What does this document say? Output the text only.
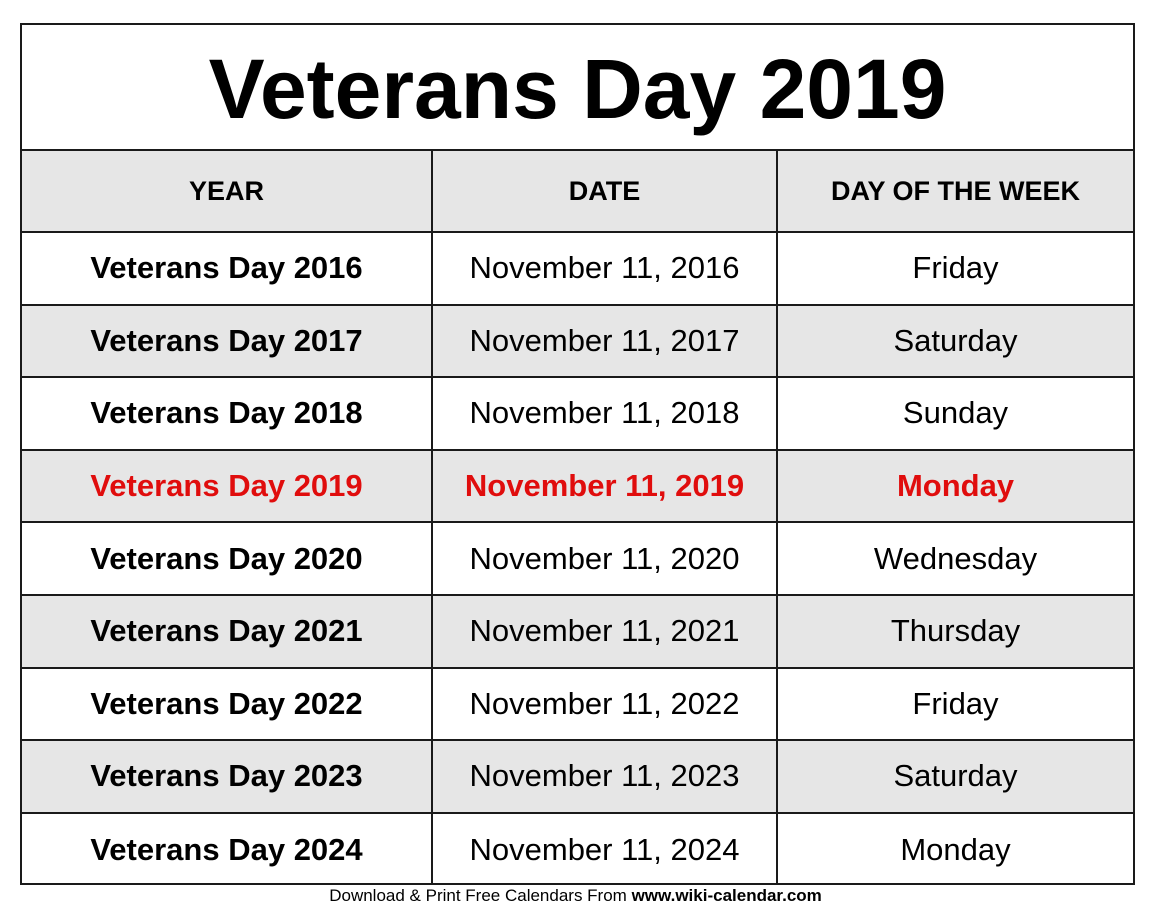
Veterans Day 2019
YEAR	DATE	DAY OF THE WEEK
Veterans Day 2016	November 11, 2016	Friday
Veterans Day 2017	November 11, 2017	Saturday
Veterans Day 2018	November 11, 2018	Sunday
Veterans Day 2019	November 11, 2019	Monday
Veterans Day 2020	November 11, 2020	Wednesday
Veterans Day 2021	November 11, 2021	Thursday
Veterans Day 2022	November 11, 2022	Friday
Veterans Day 2023	November 11, 2023	Saturday
Veterans Day 2024	November 11, 2024	Monday
Download & Print Free Calendars From www.wiki-calendar.com
